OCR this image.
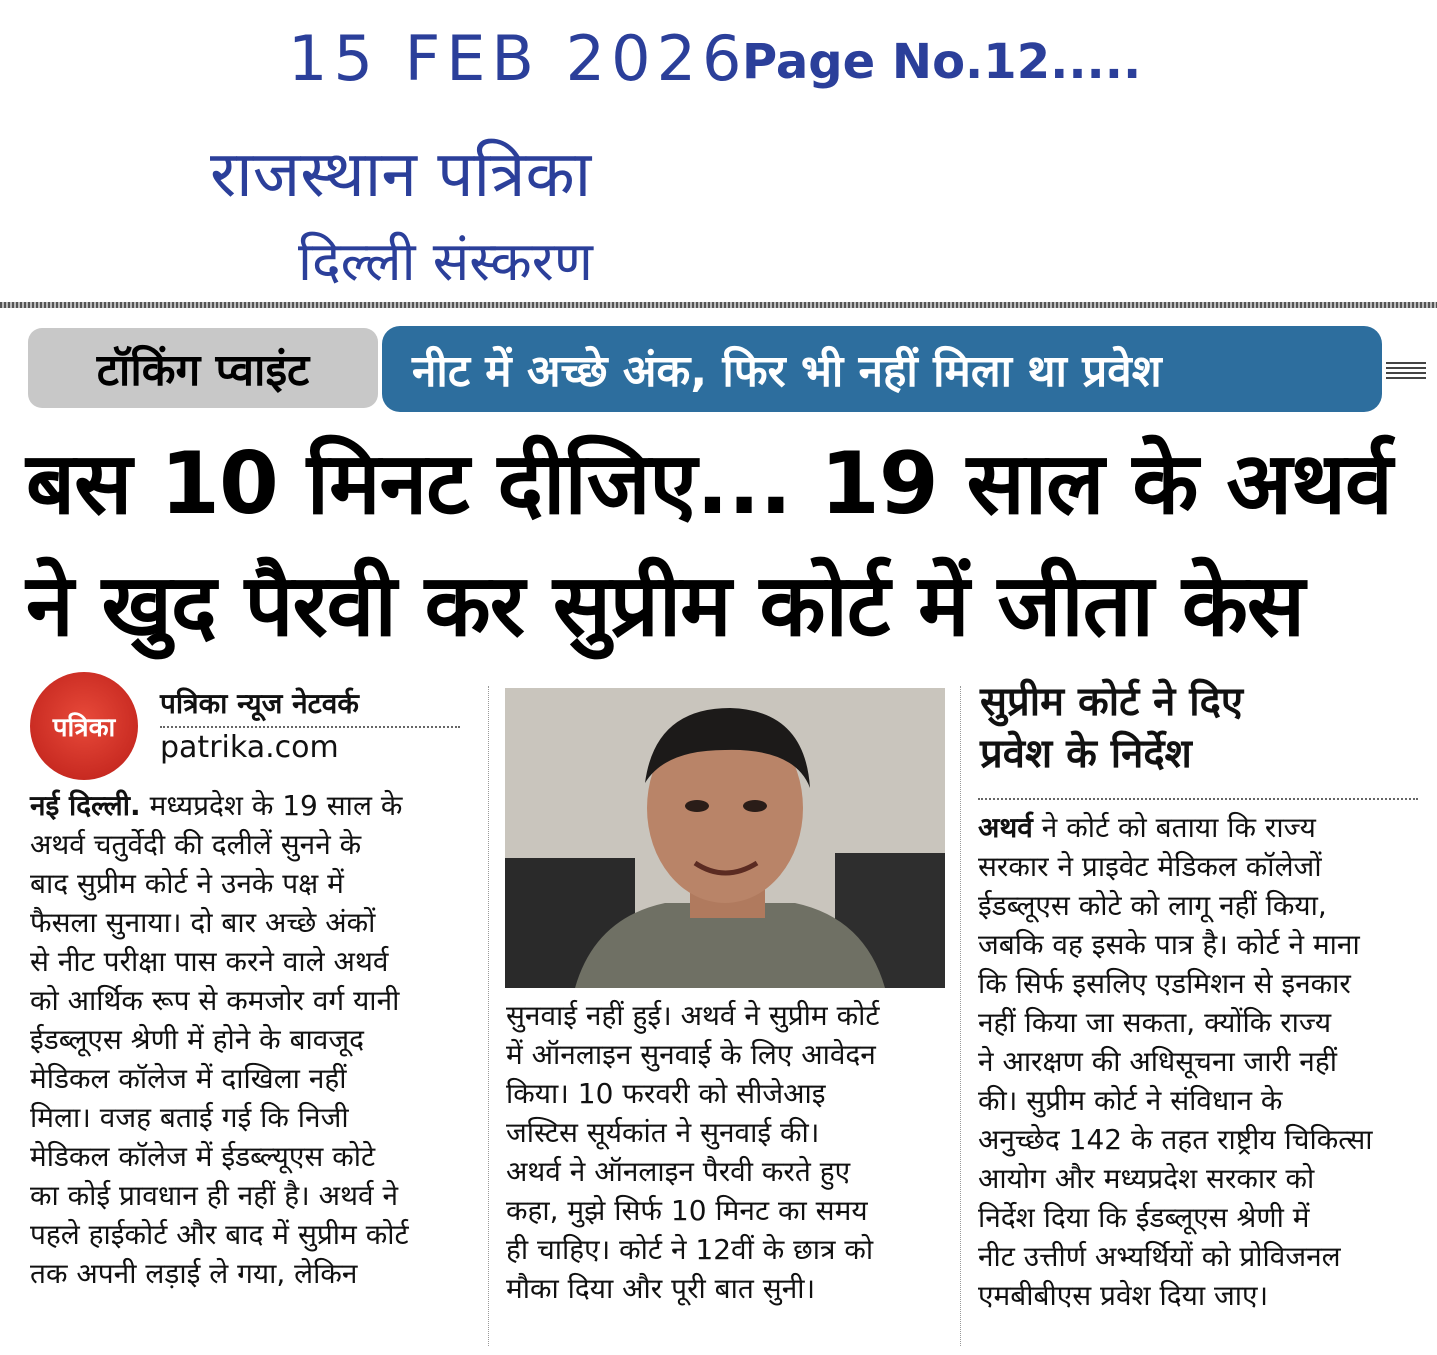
15 FEB 2026
Page No.12.....
राजस्थान पत्रिका
दिल्ली संस्करण
टॉकिंग प्वाइंट	नीट में अच्छे अंक, फिर भी नहीं मिला था प्रवेश
बस 10 मिनट दीजिए... 19 साल के अथर्व
ने खुद पैरवी कर सुप्रीम कोर्ट में जीता केस
पत्रिका
पत्रिका न्यूज नेटवर्क
patrika.com
नई दिल्ली. मध्यप्रदेश के 19 साल के
अथर्व चतुर्वेदी की दलीलें सुनने के
बाद सुप्रीम कोर्ट ने उनके पक्ष में
फैसला सुनाया। दो बार अच्छे अंकों
से नीट परीक्षा पास करने वाले अथर्व
को आर्थिक रूप से कमजोर वर्ग यानी
ईडब्लूएस श्रेणी में होने के बावजूद
मेडिकल कॉलेज में दाखिला नहीं
मिला। वजह बताई गई कि निजी
मेडिकल कॉलेज में ईडब्ल्यूएस कोटे
का कोई प्रावधान ही नहीं है। अथर्व ने
पहले हाईकोर्ट और बाद में सुप्रीम कोर्ट
तक अपनी लड़ाई ले गया, लेकिन
सुनवाई नहीं हुई। अथर्व ने सुप्रीम कोर्ट
में ऑनलाइन सुनवाई के लिए आवेदन
किया। 10 फरवरी को सीजेआइ
जस्टिस सूर्यकांत ने सुनवाई की।
अथर्व ने ऑनलाइन पैरवी करते हुए
कहा, मुझे सिर्फ 10 मिनट का समय
ही चाहिए। कोर्ट ने 12वीं के छात्र को
मौका दिया और पूरी बात सुनी।
सुप्रीम कोर्ट ने दिए
प्रवेश के निर्देश
अथर्व ने कोर्ट को बताया कि राज्य
सरकार ने प्राइवेट मेडिकल कॉलेजों
ईडब्लूएस कोटे को लागू नहीं किया,
जबकि वह इसके पात्र है। कोर्ट ने माना
कि सिर्फ इसलिए एडमिशन से इनकार
नहीं किया जा सकता, क्योंकि राज्य
ने आरक्षण की अधिसूचना जारी नहीं
की। सुप्रीम कोर्ट ने संविधान के
अनुच्छेद 142 के तहत राष्ट्रीय चिकित्सा
आयोग और मध्यप्रदेश सरकार को
निर्देश दिया कि ईडब्लूएस श्रेणी में
नीट उत्तीर्ण अभ्यर्थियों को प्रोविजनल
एमबीबीएस प्रवेश दिया जाए।
